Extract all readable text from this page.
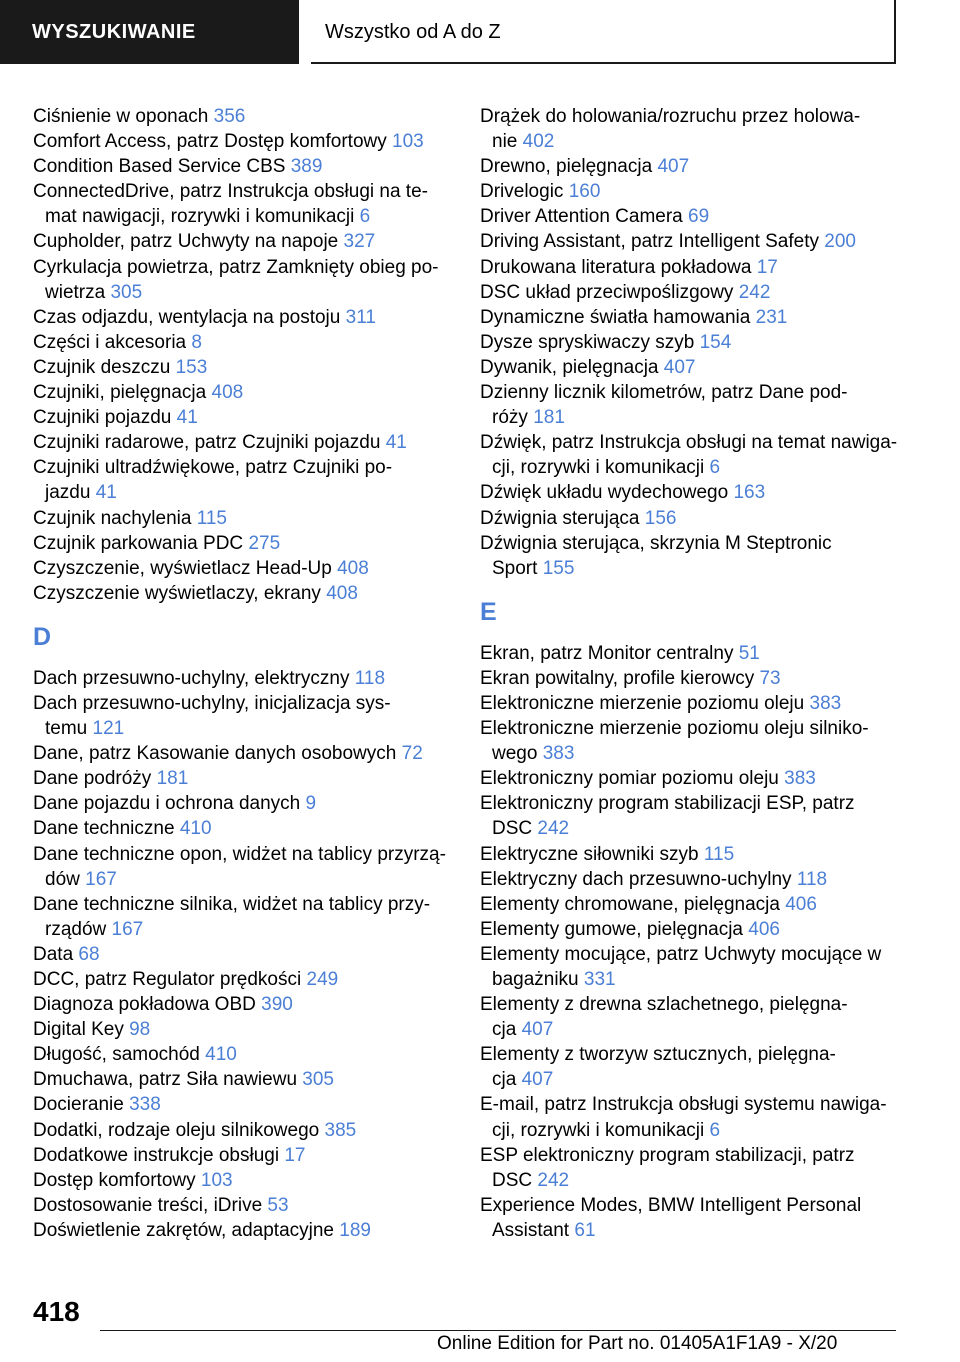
WYSZUKIWANIE	Wszystko od A do Z
Ciśnienie w oponach 356
Comfort Access, patrz Dostęp komfortowy 103
Condition Based Service CBS 389
ConnectedDrive, patrz Instrukcja obsługi na te‐
mat nawigacji, rozrywki i komunikacji 6
Cupholder, patrz Uchwyty na napoje 327
Cyrkulacja powietrza, patrz Zamknięty obieg po‐
wietrza 305
Czas odjazdu, wentylacja na postoju 311
Części i akcesoria 8
Czujnik deszczu 153
Czujniki, pielęgnacja 408
Czujniki pojazdu 41
Czujniki radarowe, patrz Czujniki pojazdu 41
Czujniki ultradźwiękowe, patrz Czujniki po‐
jazdu 41
Czujnik nachylenia 115
Czujnik parkowania PDC 275
Czyszczenie, wyświetlacz Head-Up 408
Czyszczenie wyświetlaczy, ekrany 408
D
Dach przesuwno-uchylny, elektryczny 118
Dach przesuwno-uchylny, inicjalizacja sys‐
temu 121
Dane, patrz Kasowanie danych osobowych 72
Dane podróży 181
Dane pojazdu i ochrona danych 9
Dane techniczne 410
Dane techniczne opon, widżet na tablicy przyrzą‐
dów 167
Dane techniczne silnika, widżet na tablicy przy‐
rządów 167
Data 68
DCC, patrz Regulator prędkości 249
Diagnoza pokładowa OBD 390
Digital Key 98
Długość, samochód 410
Dmuchawa, patrz Siła nawiewu 305
Docieranie 338
Dodatki, rodzaje oleju silnikowego 385
Dodatkowe instrukcje obsługi 17
Dostęp komfortowy 103
Dostosowanie treści, iDrive 53
Doświetlenie zakrętów, adaptacyjne 189
Drążek do holowania/rozruchu przez holowa‐
nie 402
Drewno, pielęgnacja 407
Drivelogic 160
Driver Attention Camera 69
Driving Assistant, patrz Intelligent Safety 200
Drukowana literatura pokładowa 17
DSC układ przeciwpoślizgowy 242
Dynamiczne światła hamowania 231
Dysze spryskiwaczy szyb 154
Dywanik, pielęgnacja 407
Dzienny licznik kilometrów, patrz Dane pod‐
róży 181
Dźwięk, patrz Instrukcja obsługi na temat nawiga‐
cji, rozrywki i komunikacji 6
Dźwięk układu wydechowego 163
Dźwignia sterująca 156
Dźwignia sterująca, skrzynia M Steptronic
Sport 155
E
Ekran, patrz Monitor centralny 51
Ekran powitalny, profile kierowcy 73
Elektroniczne mierzenie poziomu oleju 383
Elektroniczne mierzenie poziomu oleju silniko‐
wego 383
Elektroniczny pomiar poziomu oleju 383
Elektroniczny program stabilizacji ESP, patrz
DSC 242
Elektryczne siłowniki szyb 115
Elektryczny dach przesuwno-uchylny 118
Elementy chromowane, pielęgnacja 406
Elementy gumowe, pielęgnacja 406
Elementy mocujące, patrz Uchwyty mocujące w
bagażniku 331
Elementy z drewna szlachetnego, pielęgna‐
cja 407
Elementy z tworzyw sztucznych, pielęgna‐
cja 407
E-mail, patrz Instrukcja obsługi systemu nawiga‐
cji, rozrywki i komunikacji 6
ESP elektroniczny program stabilizacji, patrz
DSC 242
Experience Modes, BMW Intelligent Personal
Assistant 61
418
Online Edition for Part no. 01405A1F1A9 - X/20
